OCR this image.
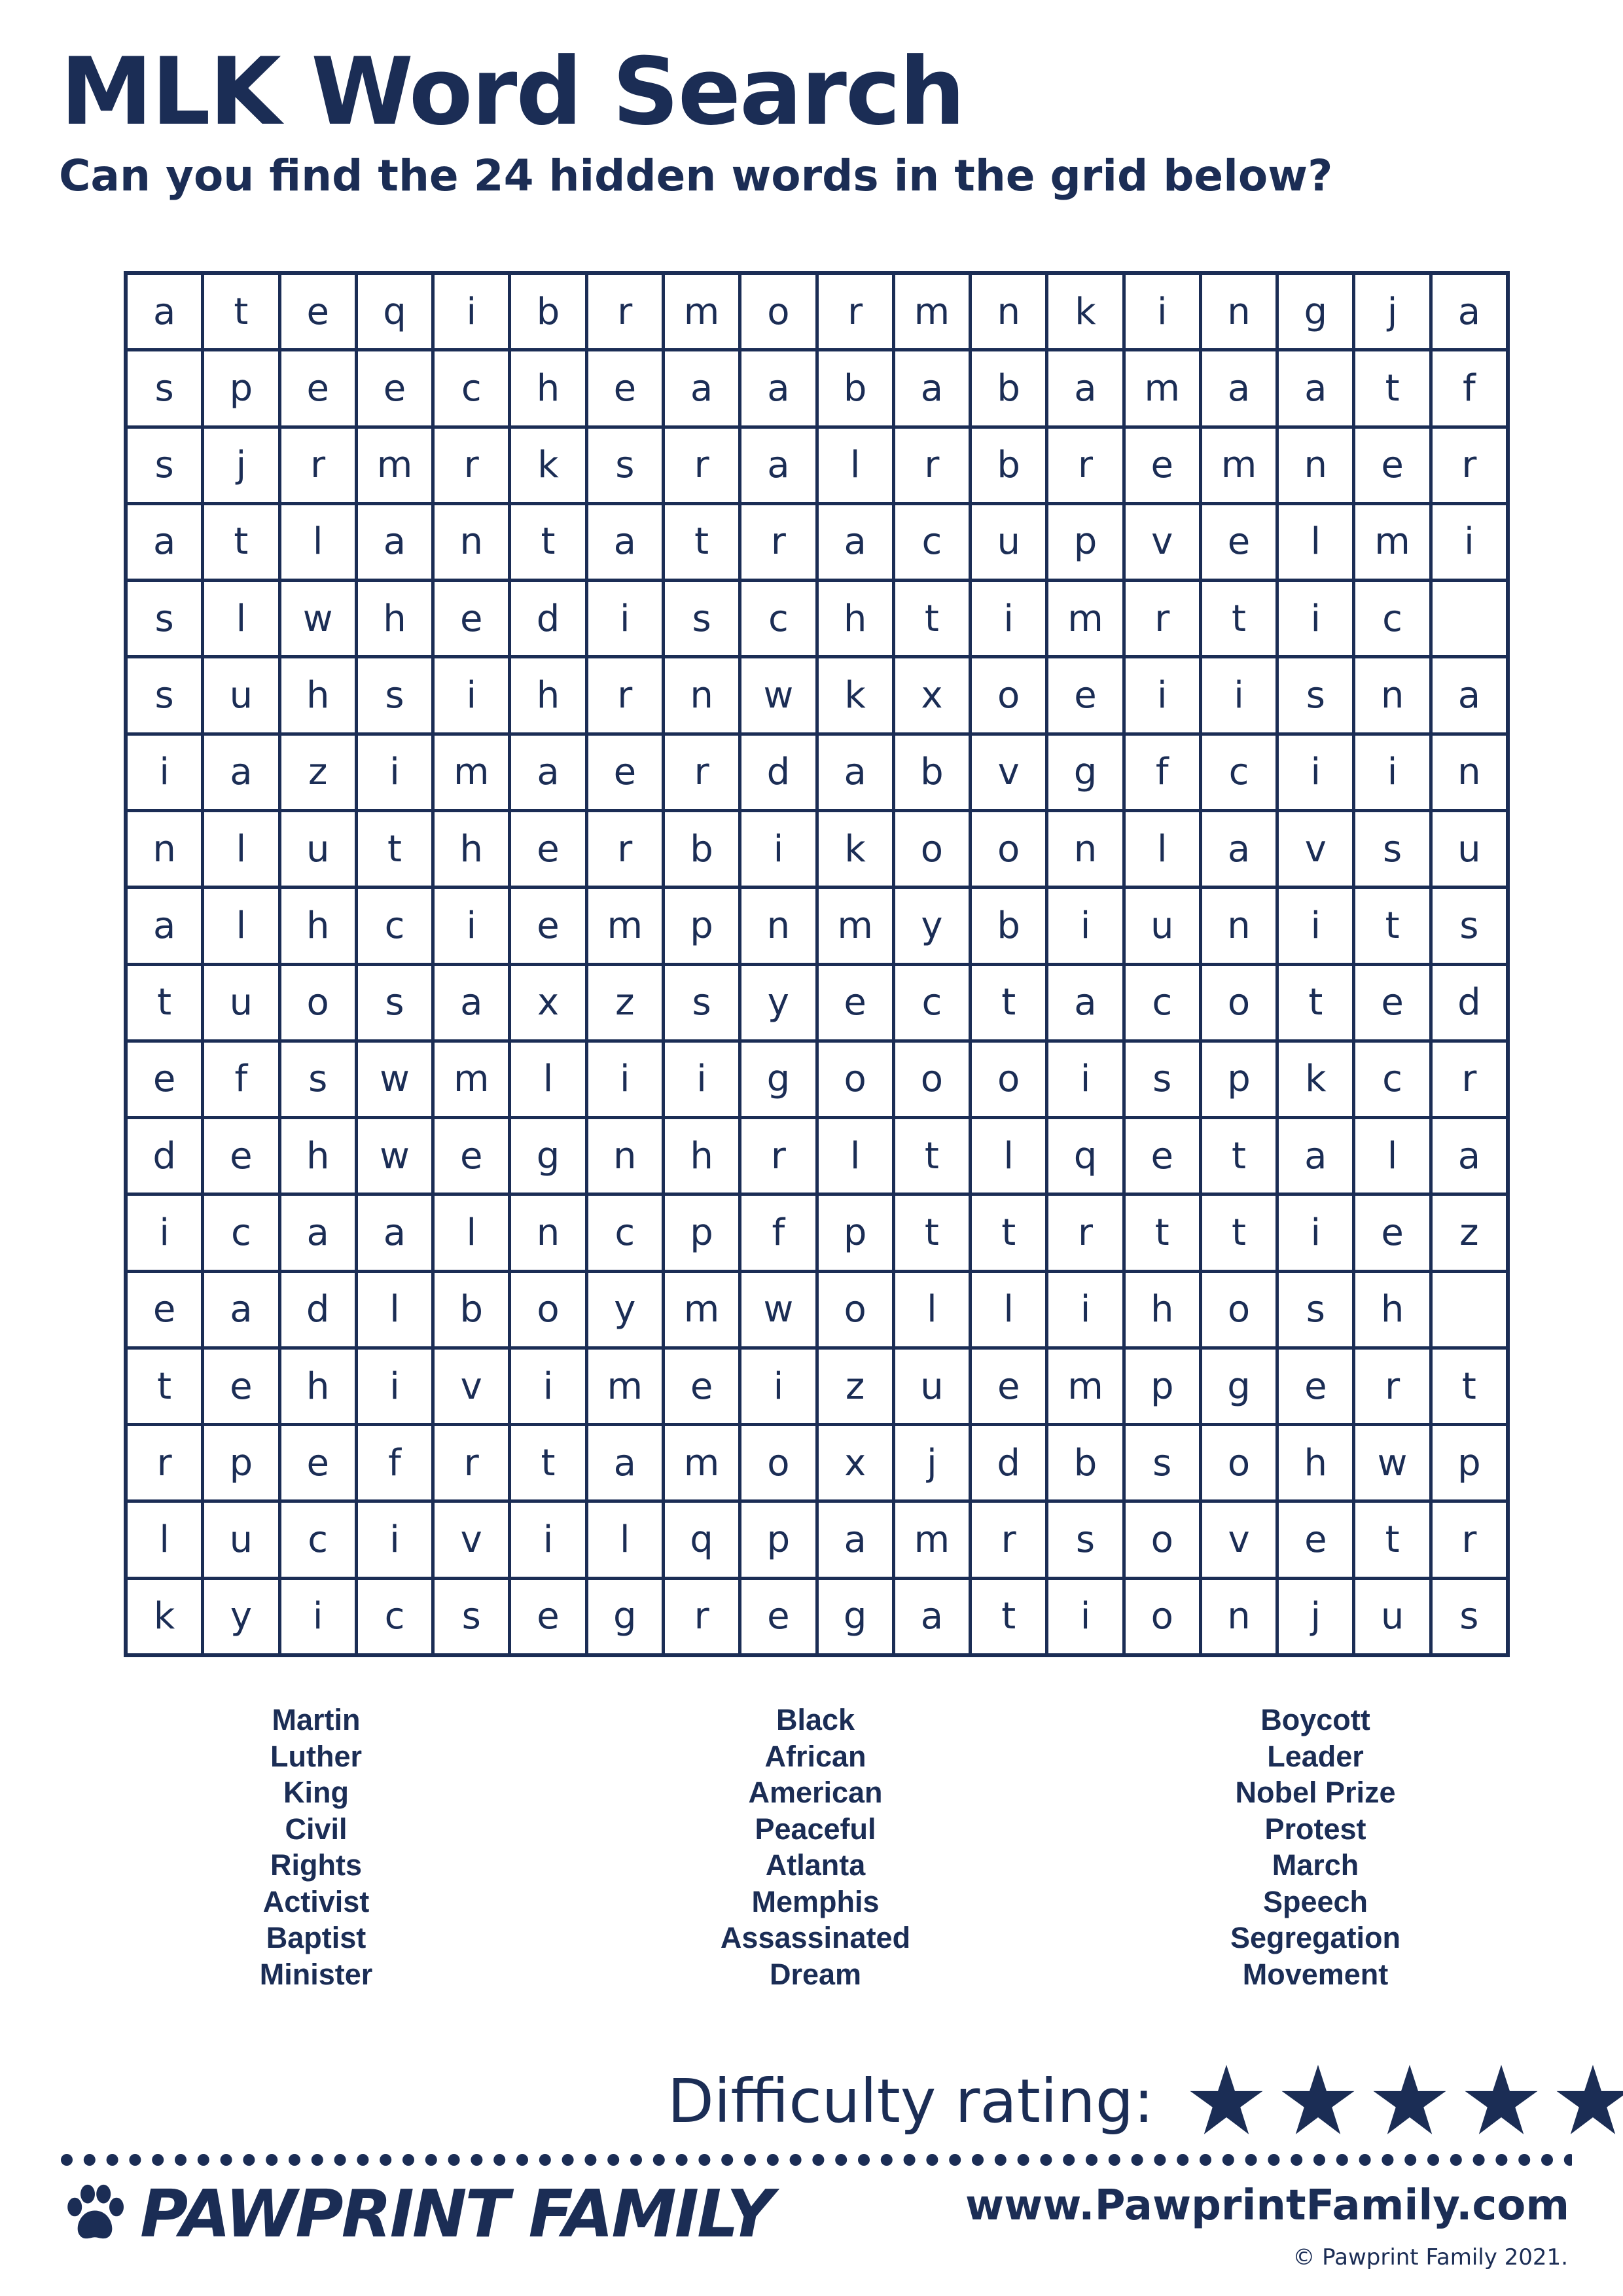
MLK Word Search
Can you find the 24 hidden words in the grid below?
a	t	e	q	i	b	r	m	o	r	m	n	k	i	n	g	j	a
s	p	e	e	c	h	e	a	a	b	a	b	a	m	a	a	t	f
s	j	r	m	r	k	s	r	a	l	r	b	r	e	m	n	e	r
a	t	l	a	n	t	a	t	r	a	c	u	p	v	e	l	m	i
s	l	w	h	e	d	i	s	c	h	t	i	m	r	t	i	c
s	u	h	s	i	h	r	n	w	k	x	o	e	i	i	s	n	a
i	a	z	i	m	a	e	r	d	a	b	v	g	f	c	i	i	n
n	l	u	t	h	e	r	b	i	k	o	o	n	l	a	v	s	u
a	l	h	c	i	e	m	p	n	m	y	b	i	u	n	i	t	s
t	u	o	s	a	x	z	s	y	e	c	t	a	c	o	t	e	d
e	f	s	w	m	l	i	i	g	o	o	o	i	s	p	k	c	r
d	e	h	w	e	g	n	h	r	l	t	l	q	e	t	a	l	a
i	c	a	a	l	n	c	p	f	p	t	t	r	t	t	i	e	z
e	a	d	l	b	o	y	m	w	o	l	l	i	h	o	s	h
t	e	h	i	v	i	m	e	i	z	u	e	m	p	g	e	r	t
r	p	e	f	r	t	a	m	o	x	j	d	b	s	o	h	w	p
l	u	c	i	v	i	l	q	p	a	m	r	s	o	v	e	t	r
k	y	i	c	s	e	g	r	e	g	a	t	i	o	n	j	u	s
Martin
Luther
King
Civil
Rights
Activist
Baptist
Minister
Black
African
American
Peaceful
Atlanta
Memphis
Assassinated
Dream
Boycott
Leader
Nobel Prize
Protest
March
Speech
Segregation
Movement
Difficulty rating:
PAWPRINT FAMILY	www.PawprintFamily.com
© Pawprint Family 2021.
